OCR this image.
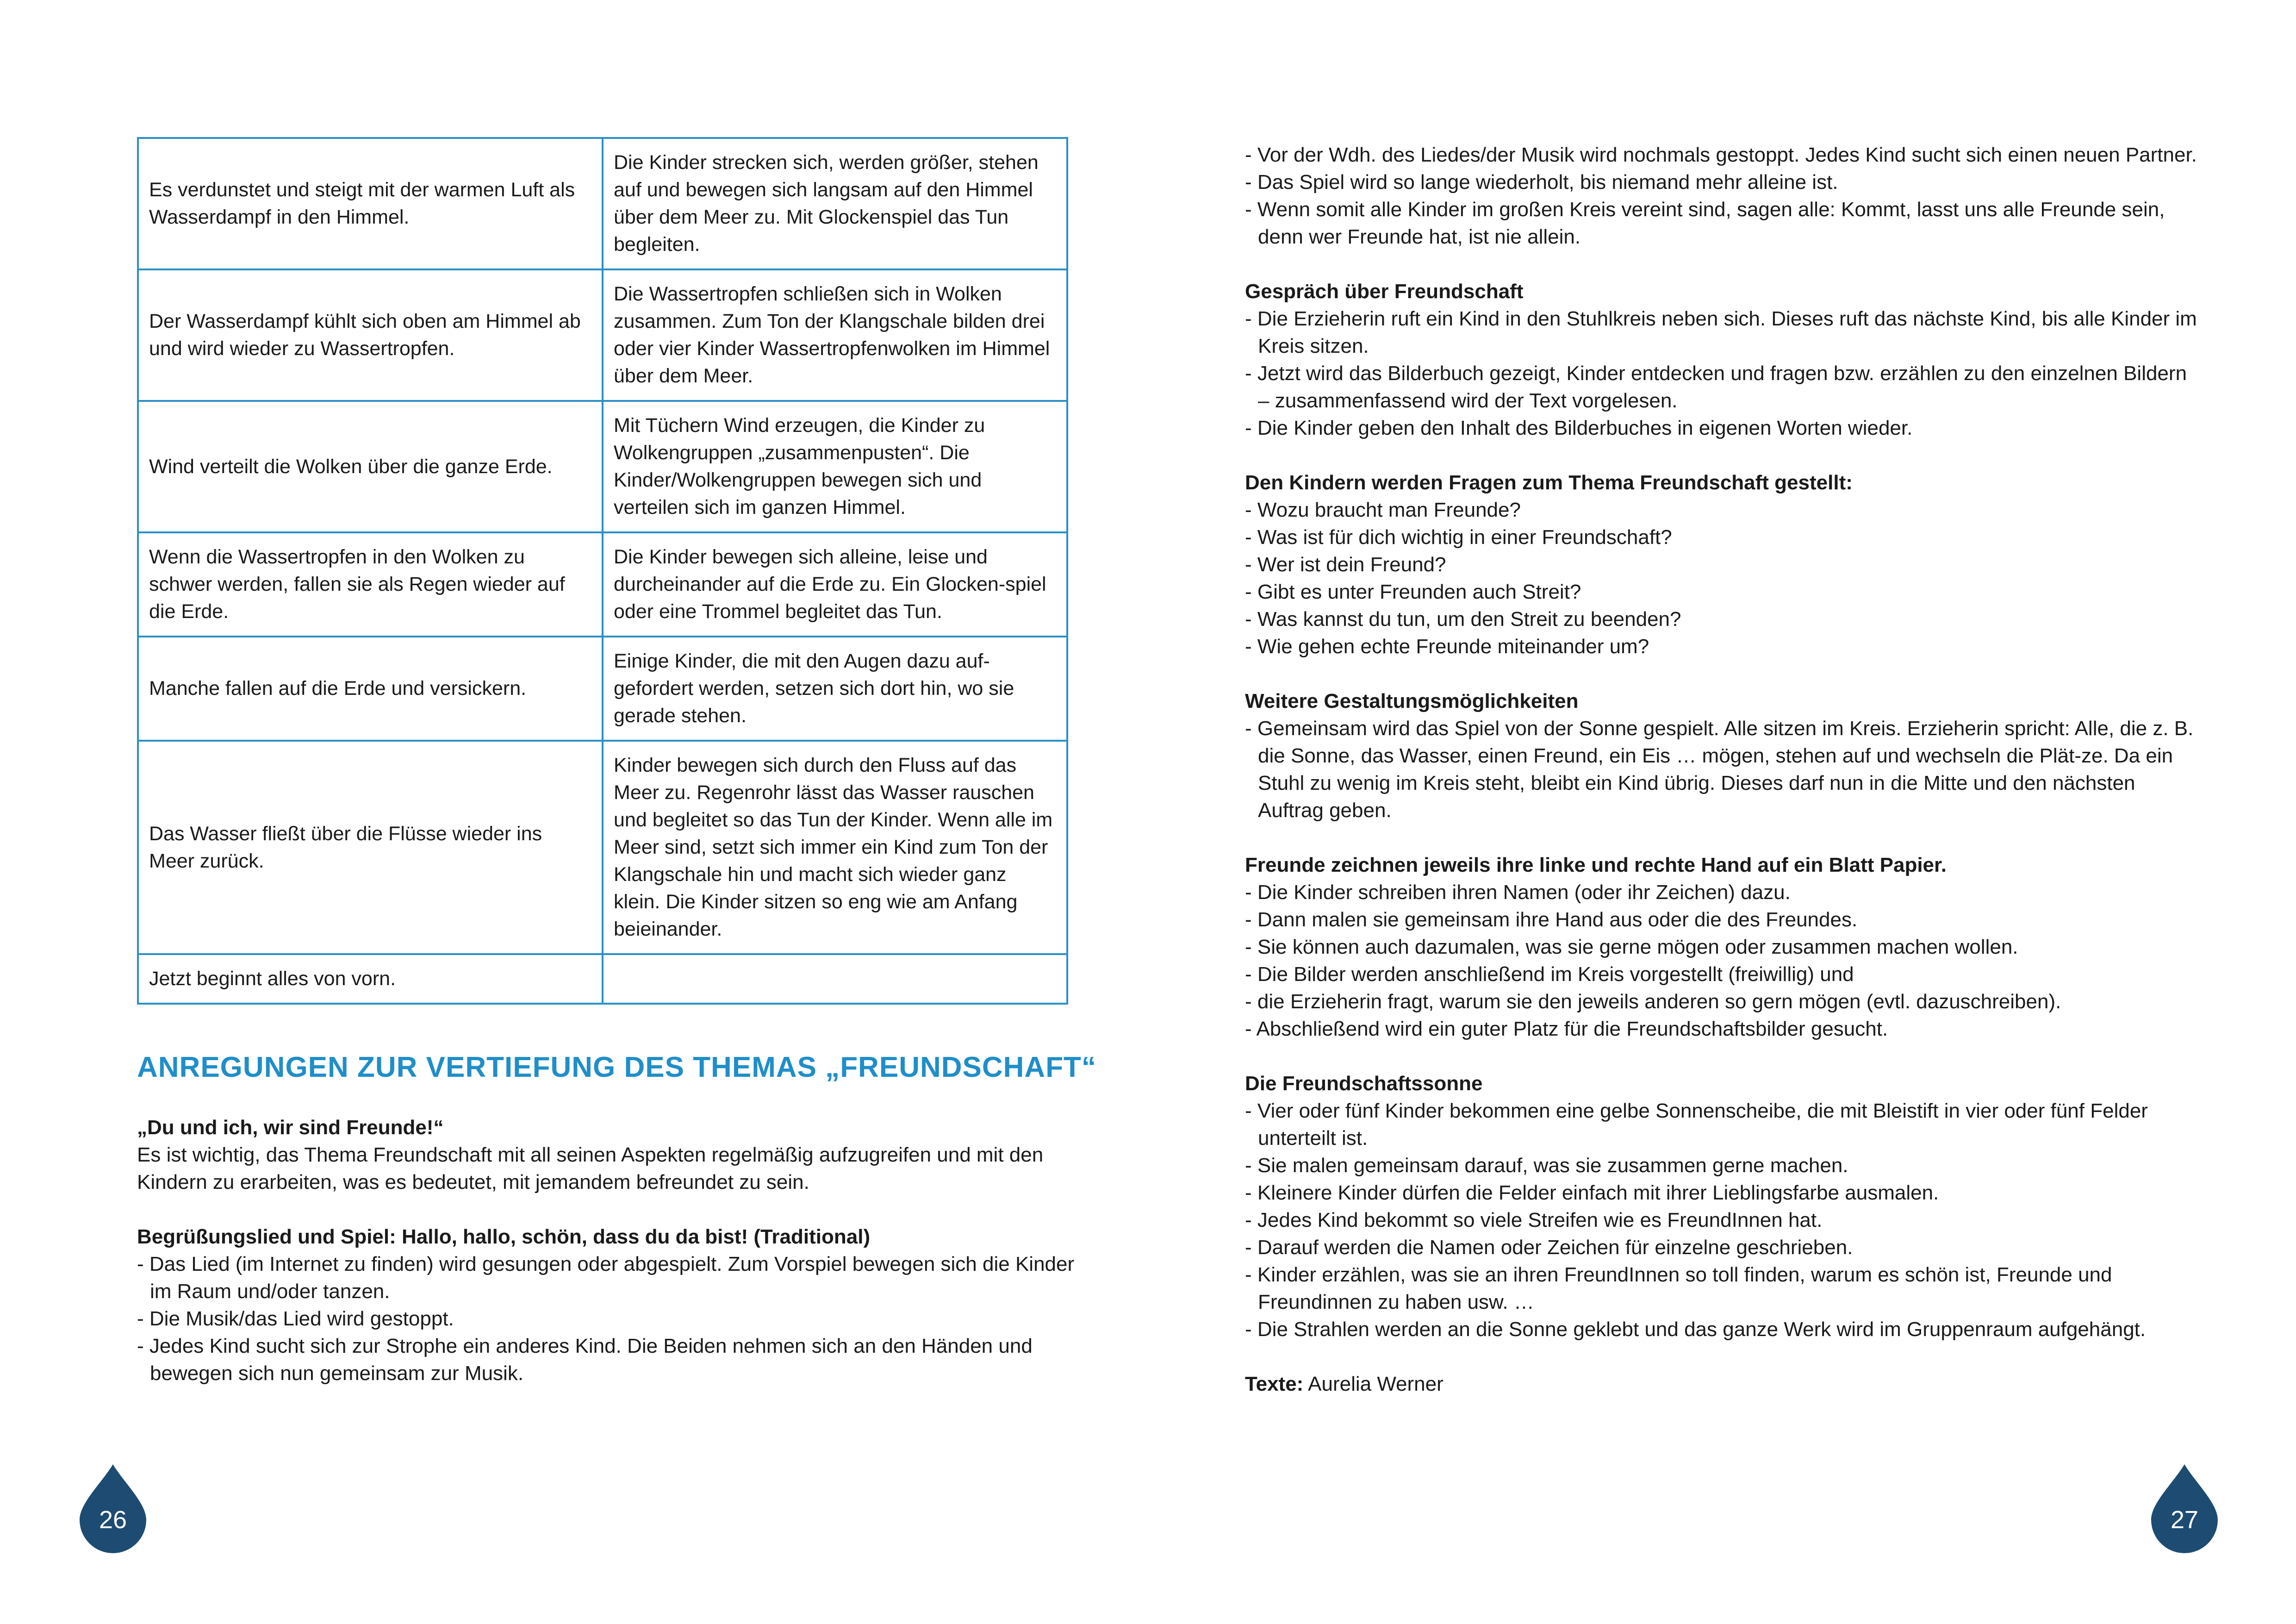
Es verdunstet und steigt mit der warmen Luft als Wasserdampf in den Himmel.	Die Kinder strecken sich, werden größer, stehen auf und bewegen sich langsam auf den Himmel über dem Meer zu. Mit Glockenspiel das Tun begleiten.
Der Wasserdampf kühlt sich oben am Himmel ab und wird wieder zu Wassertropfen.	Die Wassertropfen schließen sich in Wolken zusammen. Zum Ton der Klangschale bilden drei oder vier Kinder Wassertropfenwolken im Himmel über dem Meer.
Wind verteilt die Wolken über die ganze Erde.	Mit Tüchern Wind erzeugen, die Kinder zu Wolkengruppen „zusammenpusten“. Die Kinder/Wolkengruppen bewegen sich und verteilen sich im ganzen Himmel.
Wenn die Wassertropfen in den Wolken zu schwer werden, fallen sie als Regen wieder auf die Erde.	Die Kinder bewegen sich alleine, leise und durcheinander auf die Erde zu. Ein Glocken-spiel oder eine Trommel begleitet das Tun.
Manche fallen auf die Erde und versickern.	Einige Kinder, die mit den Augen dazu auf-gefordert werden, setzen sich dort hin, wo sie gerade stehen.
Das Wasser fließt über die Flüsse wieder ins Meer zurück.	Kinder bewegen sich durch den Fluss auf das Meer zu. Regenrohr lässt das Wasser rauschen und begleitet so das Tun der Kinder. Wenn alle im Meer sind, setzt sich immer ein Kind zum Ton der Klangschale hin und macht sich wieder ganz klein. Die Kinder sitzen so eng wie am Anfang beieinander.
Jetzt beginnt alles von vorn.	
ANREGUNGEN ZUR VERTIEFUNG DES THEMAS „FREUNDSCHAFT“

„Du und ich, wir sind Freunde!“

Es ist wichtig, das Thema Freundschaft mit all seinen Aspekten regelmäßig aufzugreifen und mit den Kindern zu erarbeiten, was es bedeutet, mit jemandem befreundet zu sein.

Begrüßungslied und Spiel: Hallo, hallo, schön, dass du da bist! (Traditional)

- Das Lied (im Internet zu finden) wird gesungen oder abgespielt. Zum Vorspiel bewegen sich die Kinder im Raum und/oder tanzen.
- Die Musik/das Lied wird gestoppt.
- Jedes Kind sucht sich zur Strophe ein anderes Kind. Die Beiden nehmen sich an den Händen und bewegen sich nun gemeinsam zur Musik.
26
- Vor der Wdh. des Liedes/der Musik wird nochmals gestoppt. Jedes Kind sucht sich einen neuen Partner.
- Das Spiel wird so lange wiederholt, bis niemand mehr alleine ist.
- Wenn somit alle Kinder im großen Kreis vereint sind, sagen alle: Kommt, lasst uns alle Freunde sein, denn wer Freunde hat, ist nie allein.

Gespräch über Freundschaft

- Die Erzieherin ruft ein Kind in den Stuhlkreis neben sich. Dieses ruft das nächste Kind, bis alle Kinder im Kreis sitzen.
- Jetzt wird das Bilderbuch gezeigt, Kinder entdecken und fragen bzw. erzählen zu den einzelnen Bildern – zusammenfassend wird der Text vorgelesen.
- Die Kinder geben den Inhalt des Bilderbuches in eigenen Worten wieder.

Den Kindern werden Fragen zum Thema Freundschaft gestellt:

- Wozu braucht man Freunde?
- Was ist für dich wichtig in einer Freundschaft?
- Wer ist dein Freund?
- Gibt es unter Freunden auch Streit?
- Was kannst du tun, um den Streit zu beenden?
- Wie gehen echte Freunde miteinander um?

Weitere Gestaltungsmöglichkeiten

- Gemeinsam wird das Spiel von der Sonne gespielt. Alle sitzen im Kreis. Erzieherin spricht: Alle, die z. B. die Sonne, das Wasser, einen Freund, ein Eis … mögen, stehen auf und wechseln die Plät-ze. Da ein Stuhl zu wenig im Kreis steht, bleibt ein Kind übrig. Dieses darf nun in die Mitte und den nächsten Auftrag geben.

Freunde zeichnen jeweils ihre linke und rechte Hand auf ein Blatt Papier.

- Die Kinder schreiben ihren Namen (oder ihr Zeichen) dazu.
- Dann malen sie gemeinsam ihre Hand aus oder die des Freundes.
- Sie können auch dazumalen, was sie gerne mögen oder zusammen machen wollen.
- Die Bilder werden anschließend im Kreis vorgestellt (freiwillig) und
- die Erzieherin fragt, warum sie den jeweils anderen so gern mögen (evtl. dazuschreiben).
- Abschließend wird ein guter Platz für die Freundschaftsbilder gesucht.

Die Freundschaftssonne

- Vier oder fünf Kinder bekommen eine gelbe Sonnenscheibe, die mit Bleistift in vier oder fünf Felder unterteilt ist.
- Sie malen gemeinsam darauf, was sie zusammen gerne machen.
- Kleinere Kinder dürfen die Felder einfach mit ihrer Lieblingsfarbe ausmalen.
- Jedes Kind bekommt so viele Streifen wie es FreundInnen hat.
- Darauf werden die Namen oder Zeichen für einzelne geschrieben.
- Kinder erzählen, was sie an ihren FreundInnen so toll finden, warum es schön ist, Freunde und Freundinnen zu haben usw. …
- Die Strahlen werden an die Sonne geklebt und das ganze Werk wird im Gruppenraum aufgehängt.

Texte: Aurelia Werner

27
